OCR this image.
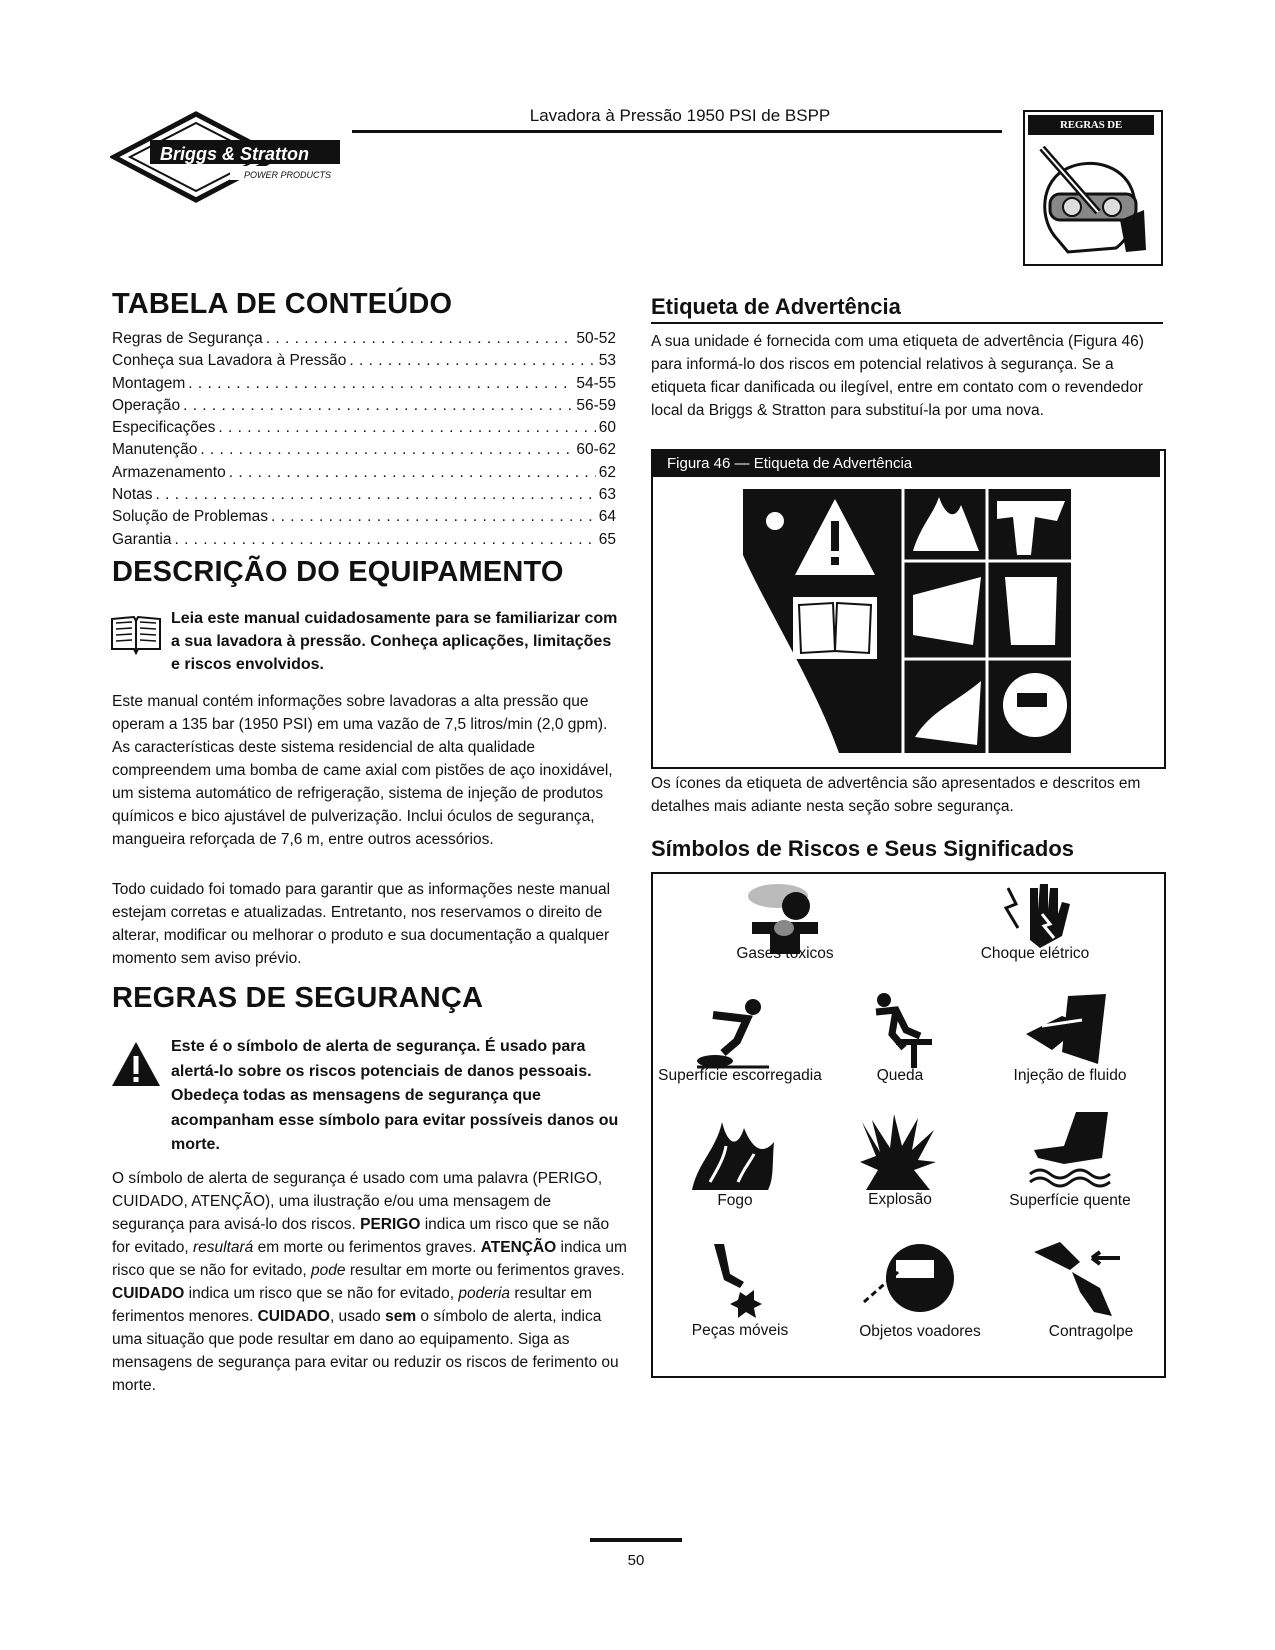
Briggs & Stratton
POWER PRODUCTS
Lavadora à Pressão 1950 PSI de BSPP	REGRAS DE SEGURANÇA
TABELA DE CONTEÚDO
Regras de Segurança . . .	50-52
Conheça sua Lavadora à Pressão . . .	53
Montagem . . .	54-55
Operação . . .	56-59
Especificações . . .	60
Manutenção . . .	60-62
Armazenamento . . .	62
Notas . . .	63
Solução de Problemas . . .	64
Garantia . . .	65
DESCRIÇÃO DO EQUIPAMENTO
Leia este manual cuidadosamente para se familiarizar com a sua lavadora à pressão. Conheça aplicações, limitações e riscos envolvidos.
Este manual contém informações sobre lavadoras a alta pressão que operam a 135 bar (1950 PSI) em uma vazão de 7,5 litros/min (2,0 gpm). As características deste sistema residencial de alta qualidade compreendem uma bomba de came axial com pistões de aço inoxidável, um sistema automático de refrigeração, sistema de injeção de produtos químicos e bico ajustável de pulverização. Inclui óculos de segurança, mangueira reforçada de 7,6 m, entre outros acessórios.
Todo cuidado foi tomado para garantir que as informações neste manual estejam corretas e atualizadas. Entretanto, nos reservamos o direito de alterar, modificar ou melhorar o produto e sua documentação a qualquer momento sem aviso prévio.
REGRAS DE SEGURANÇA
Este é o símbolo de alerta de segurança. É usado para alertá-lo sobre os riscos potenciais de danos pessoais. Obedeça todas as mensagens de segurança que acompanham esse símbolo para evitar possíveis danos ou morte.
O símbolo de alerta de segurança é usado com uma palavra (PERIGO, CUIDADO, ATENÇÃO), uma ilustração e/ou uma mensagem de segurança para avisá-lo dos riscos. PERIGO indica um risco que se não for evitado, resultará em morte ou ferimentos graves. ATENÇÃO indica um risco que se não for evitado, pode resultar em morte ou ferimentos graves. CUIDADO indica um risco que se não for evitado, poderia resultar em ferimentos menores. CUIDADO, usado sem o símbolo de alerta, indica uma situação que pode resultar em dano ao equipamento. Siga as mensagens de segurança para evitar ou reduzir os riscos de ferimento ou morte.
Etiqueta de Advertência
A sua unidade é fornecida com uma etiqueta de advertência (Figura 46) para informá-lo dos riscos em potencial relativos à segurança. Se a etiqueta ficar danificada ou ilegível, entre em contato com o revendedor local da Briggs & Stratton para substituí-la por uma nova.
Figura 46 — Etiqueta de Advertência
Os ícones da etiqueta de advertência são apresentados e descritos em detalhes mais adiante nesta seção sobre segurança.
Símbolos de Riscos e Seus Significados
Gases tóxicos	Choque elétrico
Superfície escorregadia	Queda	Injeção de fluido
Fogo	Explosão	Superfície quente
Peças móveis	Objetos voadores	Contragolpe
50
